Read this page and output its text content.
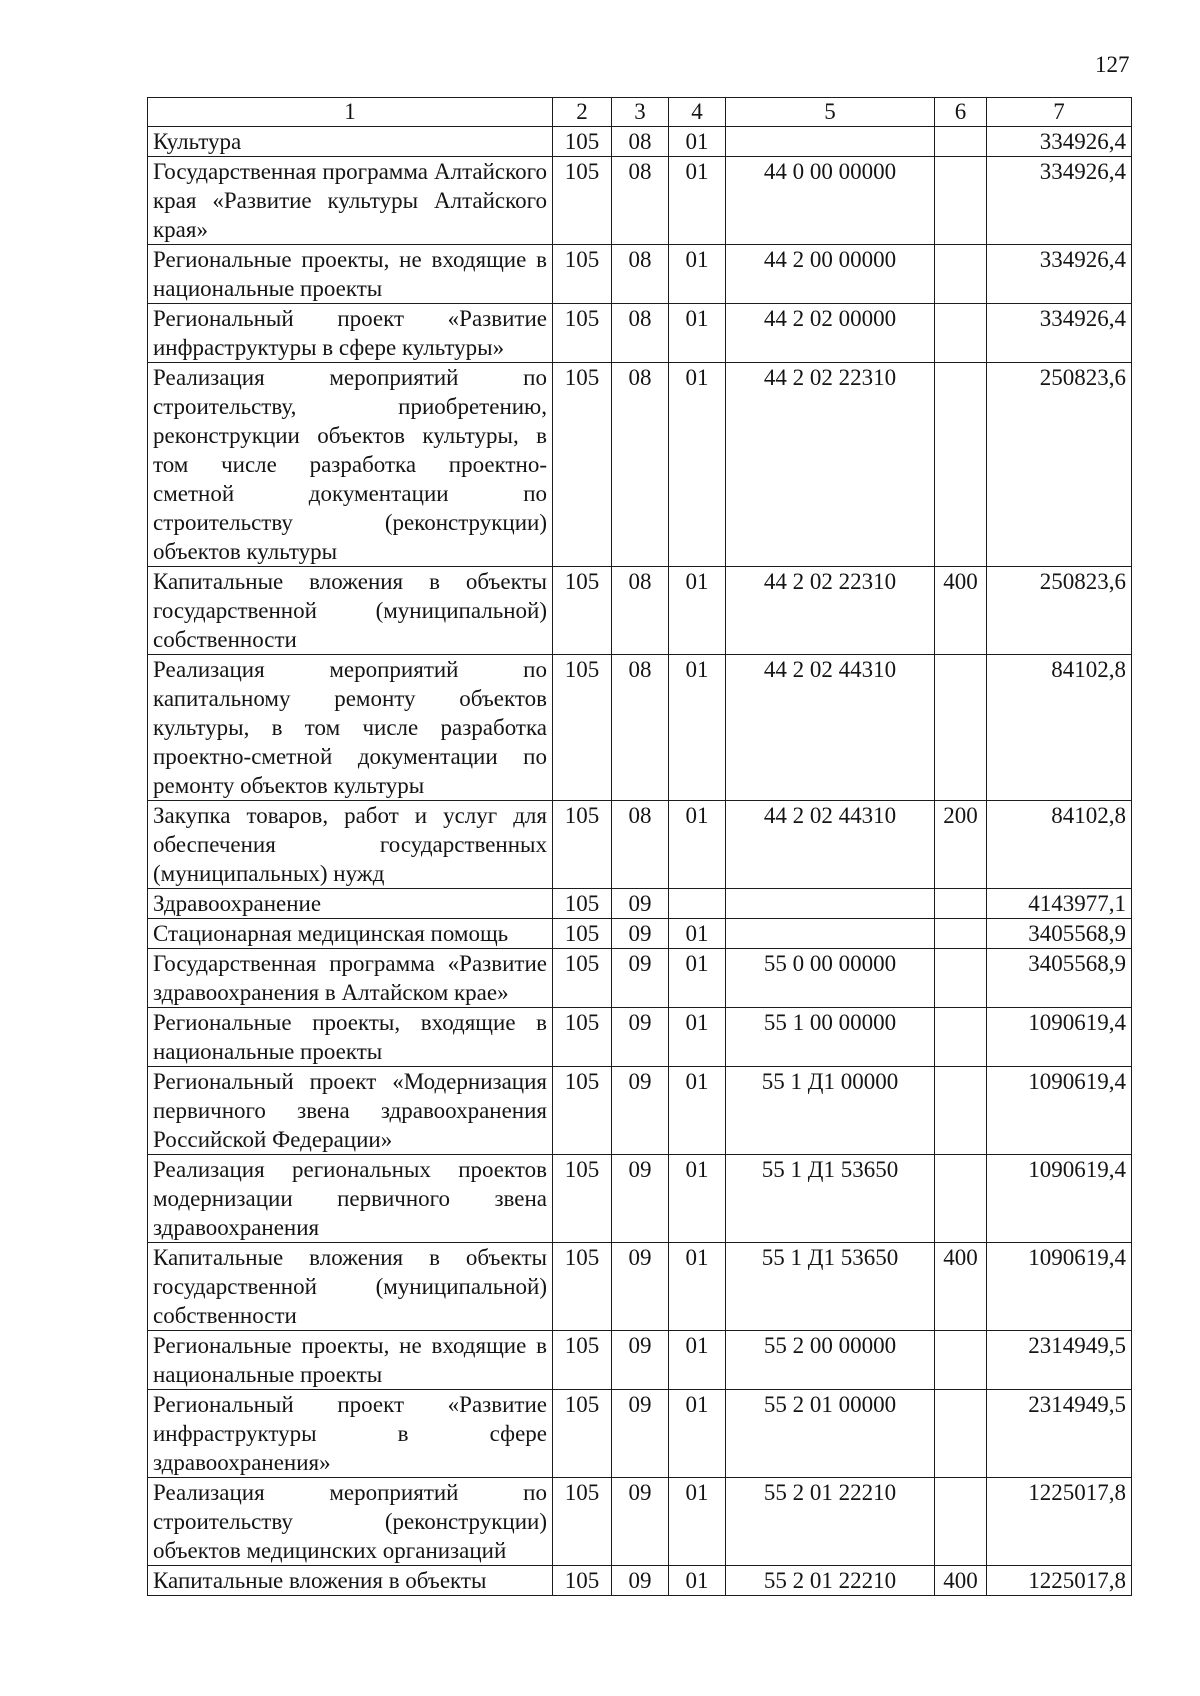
127
1	2	3	4	5	6	7
Культура	105	08	01			334926,4
Государственная программа Алтайского края «Развитие культуры Алтайского края»	105	08	01	44 0 00 00000		334926,4
Региональные проекты, не входящие в национальные проекты	105	08	01	44 2 00 00000		334926,4
Региональный проект «Развитие инфраструктуры в сфере культуры»	105	08	01	44 2 02 00000		334926,4
Реализация мероприятий по строительству, приобретению, реконструкции объектов культуры, в том числе разработка проектно-сметной документации по строительству (реконструкции) объектов культуры	105	08	01	44 2 02 22310		250823,6
Капитальные вложения в объекты государственной (муниципальной) собственности	105	08	01	44 2 02 22310	400	250823,6
Реализация мероприятий по капитальному ремонту объектов культуры, в том числе разработка проектно-сметной документации по ремонту объектов культуры	105	08	01	44 2 02 44310		84102,8
Закупка товаров, работ и услуг для обеспечения государственных (муниципальных) нужд	105	08	01	44 2 02 44310	200	84102,8
Здравоохранение	105	09				4143977,1
Стационарная медицинская помощь	105	09	01			3405568,9
Государственная программа «Развитие здравоохранения в Алтайском крае»	105	09	01	55 0 00 00000		3405568,9
Региональные проекты, входящие в национальные проекты	105	09	01	55 1 00 00000		1090619,4
Региональный проект «Модернизация первичного звена здравоохранения Российской Федерации»	105	09	01	55 1 Д1 00000		1090619,4
Реализация региональных проектов модернизации первичного звена здравоохранения	105	09	01	55 1 Д1 53650		1090619,4
Капитальные вложения в объекты государственной (муниципальной) собственности	105	09	01	55 1 Д1 53650	400	1090619,4
Региональные проекты, не входящие в национальные проекты	105	09	01	55 2 00 00000		2314949,5
Региональный проект «Развитие инфраструктуры в сфере здравоохранения»	105	09	01	55 2 01 00000		2314949,5
Реализация мероприятий по строительству (реконструкции) объектов медицинских организаций	105	09	01	55 2 01 22210		1225017,8
Капитальные вложения в объекты	105	09	01	55 2 01 22210	400	1225017,8
